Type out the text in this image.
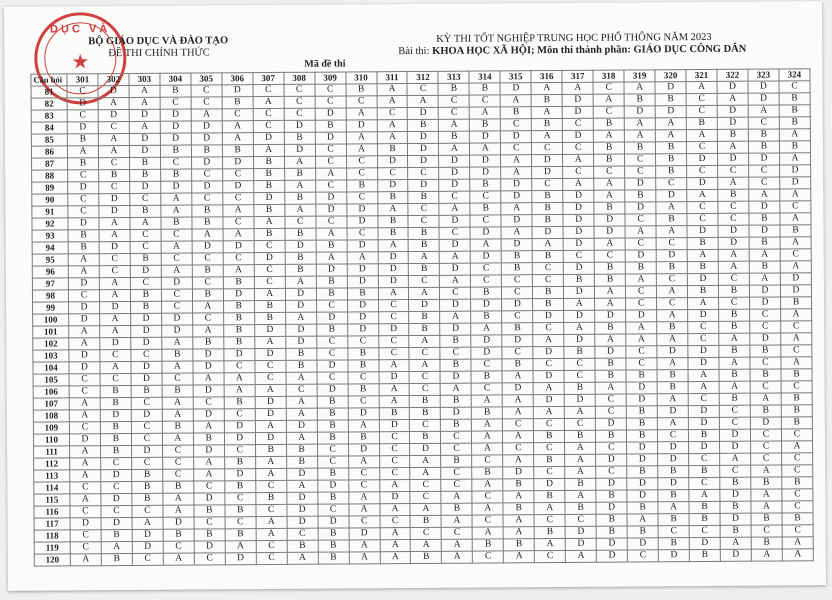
DỤC VÀ
★
BỘ GIÁO DỤC VÀ ĐÀO TẠO
ĐỀ THI CHÍNH THỨC
KỲ THI TỐT NGHIỆP TRUNG HỌC PHỔ THÔNG NĂM 2023
Bài thi: KHOA HỌC XÃ HỘI; Môn thi thành phần: GIÁO DỤC CÔNG DÂN
Mã đề thi
Câu hỏi	301	302	303	304	305	306	307	308	309	310	311	312	313	314	315	316	317	318	319	320	321	322	323	324
81	C	D	A	B	C	D	C	C	C	B	A	C	B	B	D	A	A	C	A	D	A	D	D	C
82	D	A	A	C	C	B	A	C	C	C	A	A	C	C	A	B	D	A	B	B	C	A	D	B
83	C	D	D	D	A	C	C	C	D	A	C	D	C	A	B	A	D	C	D	D	C	D	A	B
84	D	C	A	D	D	A	C	D	B	D	A	B	A	B	C	B	C	B	A	A	B	D	C	B
85	B	A	D	D	D	A	D	B	D	A	A	D	B	D	D	A	D	A	A	A	A	B	B	A
86	A	A	D	B	B	B	A	D	C	A	B	D	A	A	C	C	C	B	B	B	C	A	B	B
87	B	C	B	C	D	D	B	A	C	C	D	D	D	D	A	D	A	B	C	B	D	D	D	A
88	C	B	B	B	C	C	B	B	A	C	C	C	D	D	A	D	C	C	C	B	C	C	C	D
89	D	C	D	D	D	D	B	A	C	B	D	D	D	B	D	C	A	A	D	C	D	A	C	D
90	C	D	C	A	C	C	D	B	D	C	B	B	C	C	D	B	D	A	B	D	A	B	A	A
91	C	D	B	A	B	A	B	A	D	D	A	C	A	B	A	B	D	B	D	A	C	C	D	C
92	D	A	A	B	B	C	A	C	C	D	B	C	D	C	D	B	D	D	C	B	C	C	B	A
93	B	A	C	C	A	A	B	B	A	C	B	B	C	D	A	D	D	D	A	A	D	D	D	B
94	B	D	C	A	D	D	C	D	B	D	A	B	D	A	D	A	D	A	C	C	B	D	B	A
95	A	C	B	C	C	C	D	B	A	A	D	A	A	D	B	B	C	C	D	D	A	A	A	C
96	A	C	D	A	B	A	C	B	D	D	D	B	D	C	B	C	D	B	B	B	B	A	B	A
97	D	A	C	D	C	B	C	A	B	D	D	C	A	C	C	C	B	B	A	C	D	C	A	D
98	C	A	B	C	B	D	A	D	B	B	A	A	C	B	C	B	D	A	C	A	B	B	D	D
99	D	D	B	C	A	B	B	D	C	D	C	D	D	D	D	B	A	A	C	C	A	C	D	B
100	D	A	D	D	C	B	B	A	D	D	C	B	A	B	C	D	D	D	D	A	D	B	C	A
101	A	A	D	D	A	B	D	D	B	D	D	B	D	A	B	C	A	B	A	B	C	B	C	C
102	A	D	D	A	B	B	A	D	C	C	C	A	B	D	D	A	D	A	A	A	C	A	D	A
103	D	C	C	B	D	D	D	B	C	B	C	C	C	D	C	D	B	D	C	D	D	B	B	C
104	D	A	D	A	D	C	C	B	D	B	A	A	B	C	B	C	C	B	C	A	D	A	C	A
105	C	C	D	C	A	A	C	A	C	C	D	C	D	B	A	D	C	B	B	B	A	B	B	B
106	C	B	B	B	D	A	A	C	D	B	A	C	A	C	D	A	B	A	D	B	A	A	C	C
107	A	B	C	A	C	B	D	A	B	C	A	B	B	A	A	D	D	C	D	A	C	B	A	B
108	A	D	D	A	D	C	D	A	B	D	B	B	D	B	A	A	A	C	B	D	D	C	B	B
109	C	B	C	B	A	D	A	D	B	A	D	C	B	A	C	C	C	D	B	A	D	C	D	B
110	D	B	C	A	B	D	D	A	B	B	C	B	C	A	A	B	B	B	B	C	B	D	C	C
111	A	B	D	C	D	C	B	B	C	D	C	D	C	A	C	C	A	C	D	D	D	D	C	A
112	A	C	C	C	A	B	A	B	C	A	C	A	B	C	A	B	A	D	D	D	C	A	C	C
113	A	D	B	C	A	D	A	D	B	C	C	A	C	B	D	C	A	C	B	B	B	C	A	C
114	C	C	B	B	C	B	C	A	D	C	A	C	C	A	B	D	B	D	D	D	C	B	B	B
115	A	D	B	A	D	C	B	D	B	A	D	C	A	C	A	B	A	B	D	B	A	D	A	C
116	C	C	C	A	B	B	C	D	C	A	A	A	B	A	B	A	B	D	B	A	B	B	A	C
117	D	D	A	D	C	C	A	D	D	C	C	B	A	C	A	C	C	B	A	B	B	D	B	B
118	C	B	D	B	B	B	A	C	B	D	A	C	C	A	A	B	D	B	B	C	C	B	C	C
119	C	A	D	C	D	A	C	B	B	A	A	A	A	B	B	A	D	D	D	B	D	A	B	A
120	A	B	C	A	C	D	C	A	B	A	A	B	A	C	A	C	A	D	C	D	B	D	A	A
